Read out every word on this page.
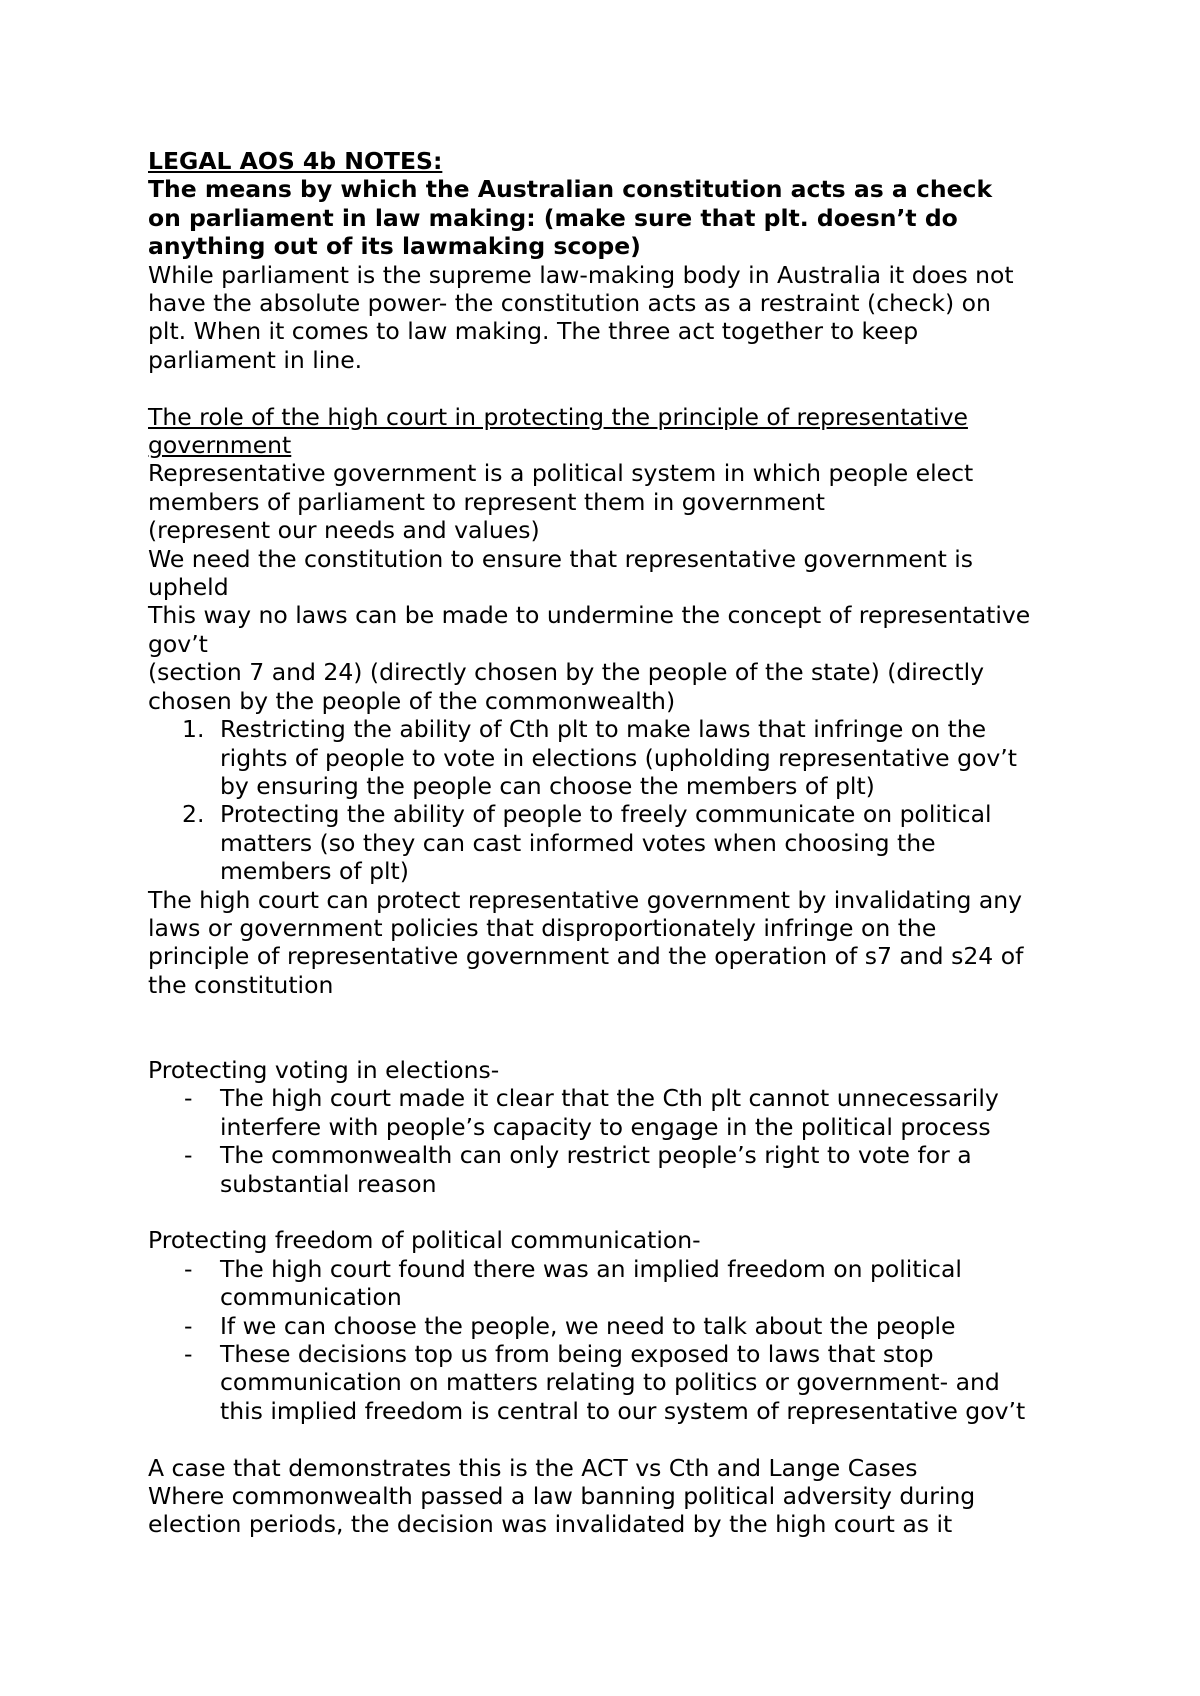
LEGAL AOS 4b NOTES:

The means by which the Australian constitution acts as a check

on parliament in law making: (make sure that plt. doesn’t do

anything out of its lawmaking scope)

While parliament is the supreme law-making body in Australia it does not

have the absolute power- the constitution acts as a restraint (check) on

plt. When it comes to law making. The three act together to keep

parliament in line.

The role of the high court in protecting the principle of representative

government

Representative government is a political system in which people elect

members of parliament to represent them in government

(represent our needs and values)

We need the constitution to ensure that representative government is

upheld

This way no laws can be made to undermine the concept of representative

gov’t

(section 7 and 24) (directly chosen by the people of the state) (directly

chosen by the people of the commonwealth)

1. Restricting the ability of Cth plt to make laws that infringe on the

rights of people to vote in elections (upholding representative gov’t

by ensuring the people can choose the members of plt)

2. Protecting the ability of people to freely communicate on political

matters (so they can cast informed votes when choosing the

members of plt)

The high court can protect representative government by invalidating any

laws or government policies that disproportionately infringe on the

principle of representative government and the operation of s7 and s24 of

the constitution

Protecting voting in elections-

- The high court made it clear that the Cth plt cannot unnecessarily

interfere with people’s capacity to engage in the political process

- The commonwealth can only restrict people’s right to vote for a

substantial reason

Protecting freedom of political communication-

- The high court found there was an implied freedom on political

communication

- If we can choose the people, we need to talk about the people

- These decisions top us from being exposed to laws that stop

communication on matters relating to politics or government- and

this implied freedom is central to our system of representative gov’t

A case that demonstrates this is the ACT vs Cth and Lange Cases

Where commonwealth passed a law banning political adversity during

election periods, the decision was invalidated by the high court as it
